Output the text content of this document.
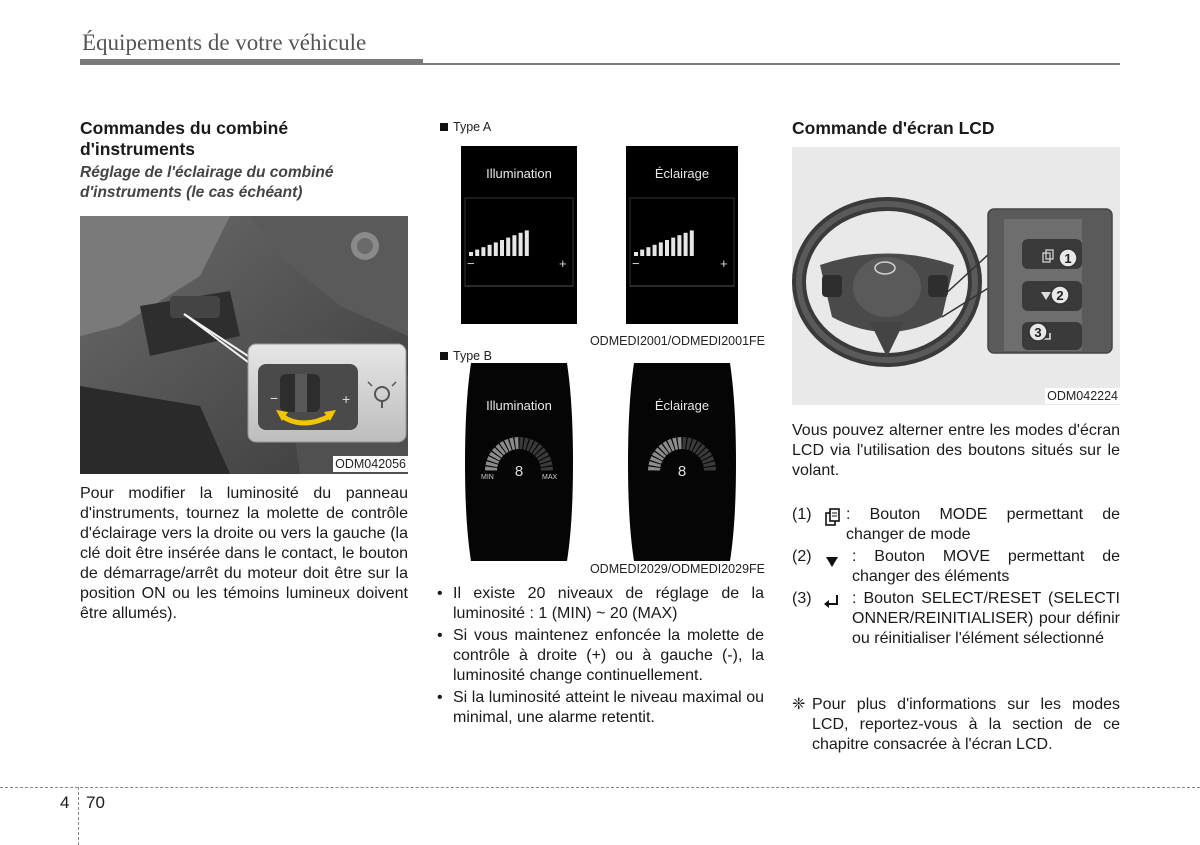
Équipements de votre véhicule
Commandes du combiné d'instruments
Réglage de l'éclairage du combiné d'instruments (le cas échéant)
−	+
ODM042056
Pour modifier la luminosité du panneau d'instruments, tournez la molette de contrôle d'éclairage vers la droite ou vers la gauche (la clé doit être insérée dans le contact, le bouton de démarrage/arrêt du moteur doit être sur la position ON ou les témoins lumineux doivent être allumés).
Type A
Illumination
−	+
Éclairage
−	+
ODMEDI2001/ODMEDI2001FE
Type B
8
MIN	MAX
Illumination
8
Éclairage
ODMEDI2029/ODMEDI2029FE
• Il existe 20 niveaux de réglage de la luminosité : 1 (MIN) ~ 20 (MAX)
• Si vous maintenez enfoncée la molette de contrôle à droite (+) ou à gauche (-), la luminosité change continuellement.
• Si la luminosité atteint le niveau maximal ou minimal, une alarme retentit.
Commande d'écran LCD
1
2
3
ODM042224
Vous pouvez alterner entre les modes d'écran LCD via l'utilisation des boutons situés sur le volant.
(1) : Bouton MODE permettant de changer de mode
(2)	: Bouton MOVE permettant de changer des éléments
(3)	: Bouton SELECT/RESET (SELECTIONNER/REINITIALISER) pour définir ou réinitialiser l'élément sélectionné
❈ Pour plus d'informations sur les modes LCD, reportez-vous à la section de ce chapitre consacrée à l'écran LCD.
4 70
